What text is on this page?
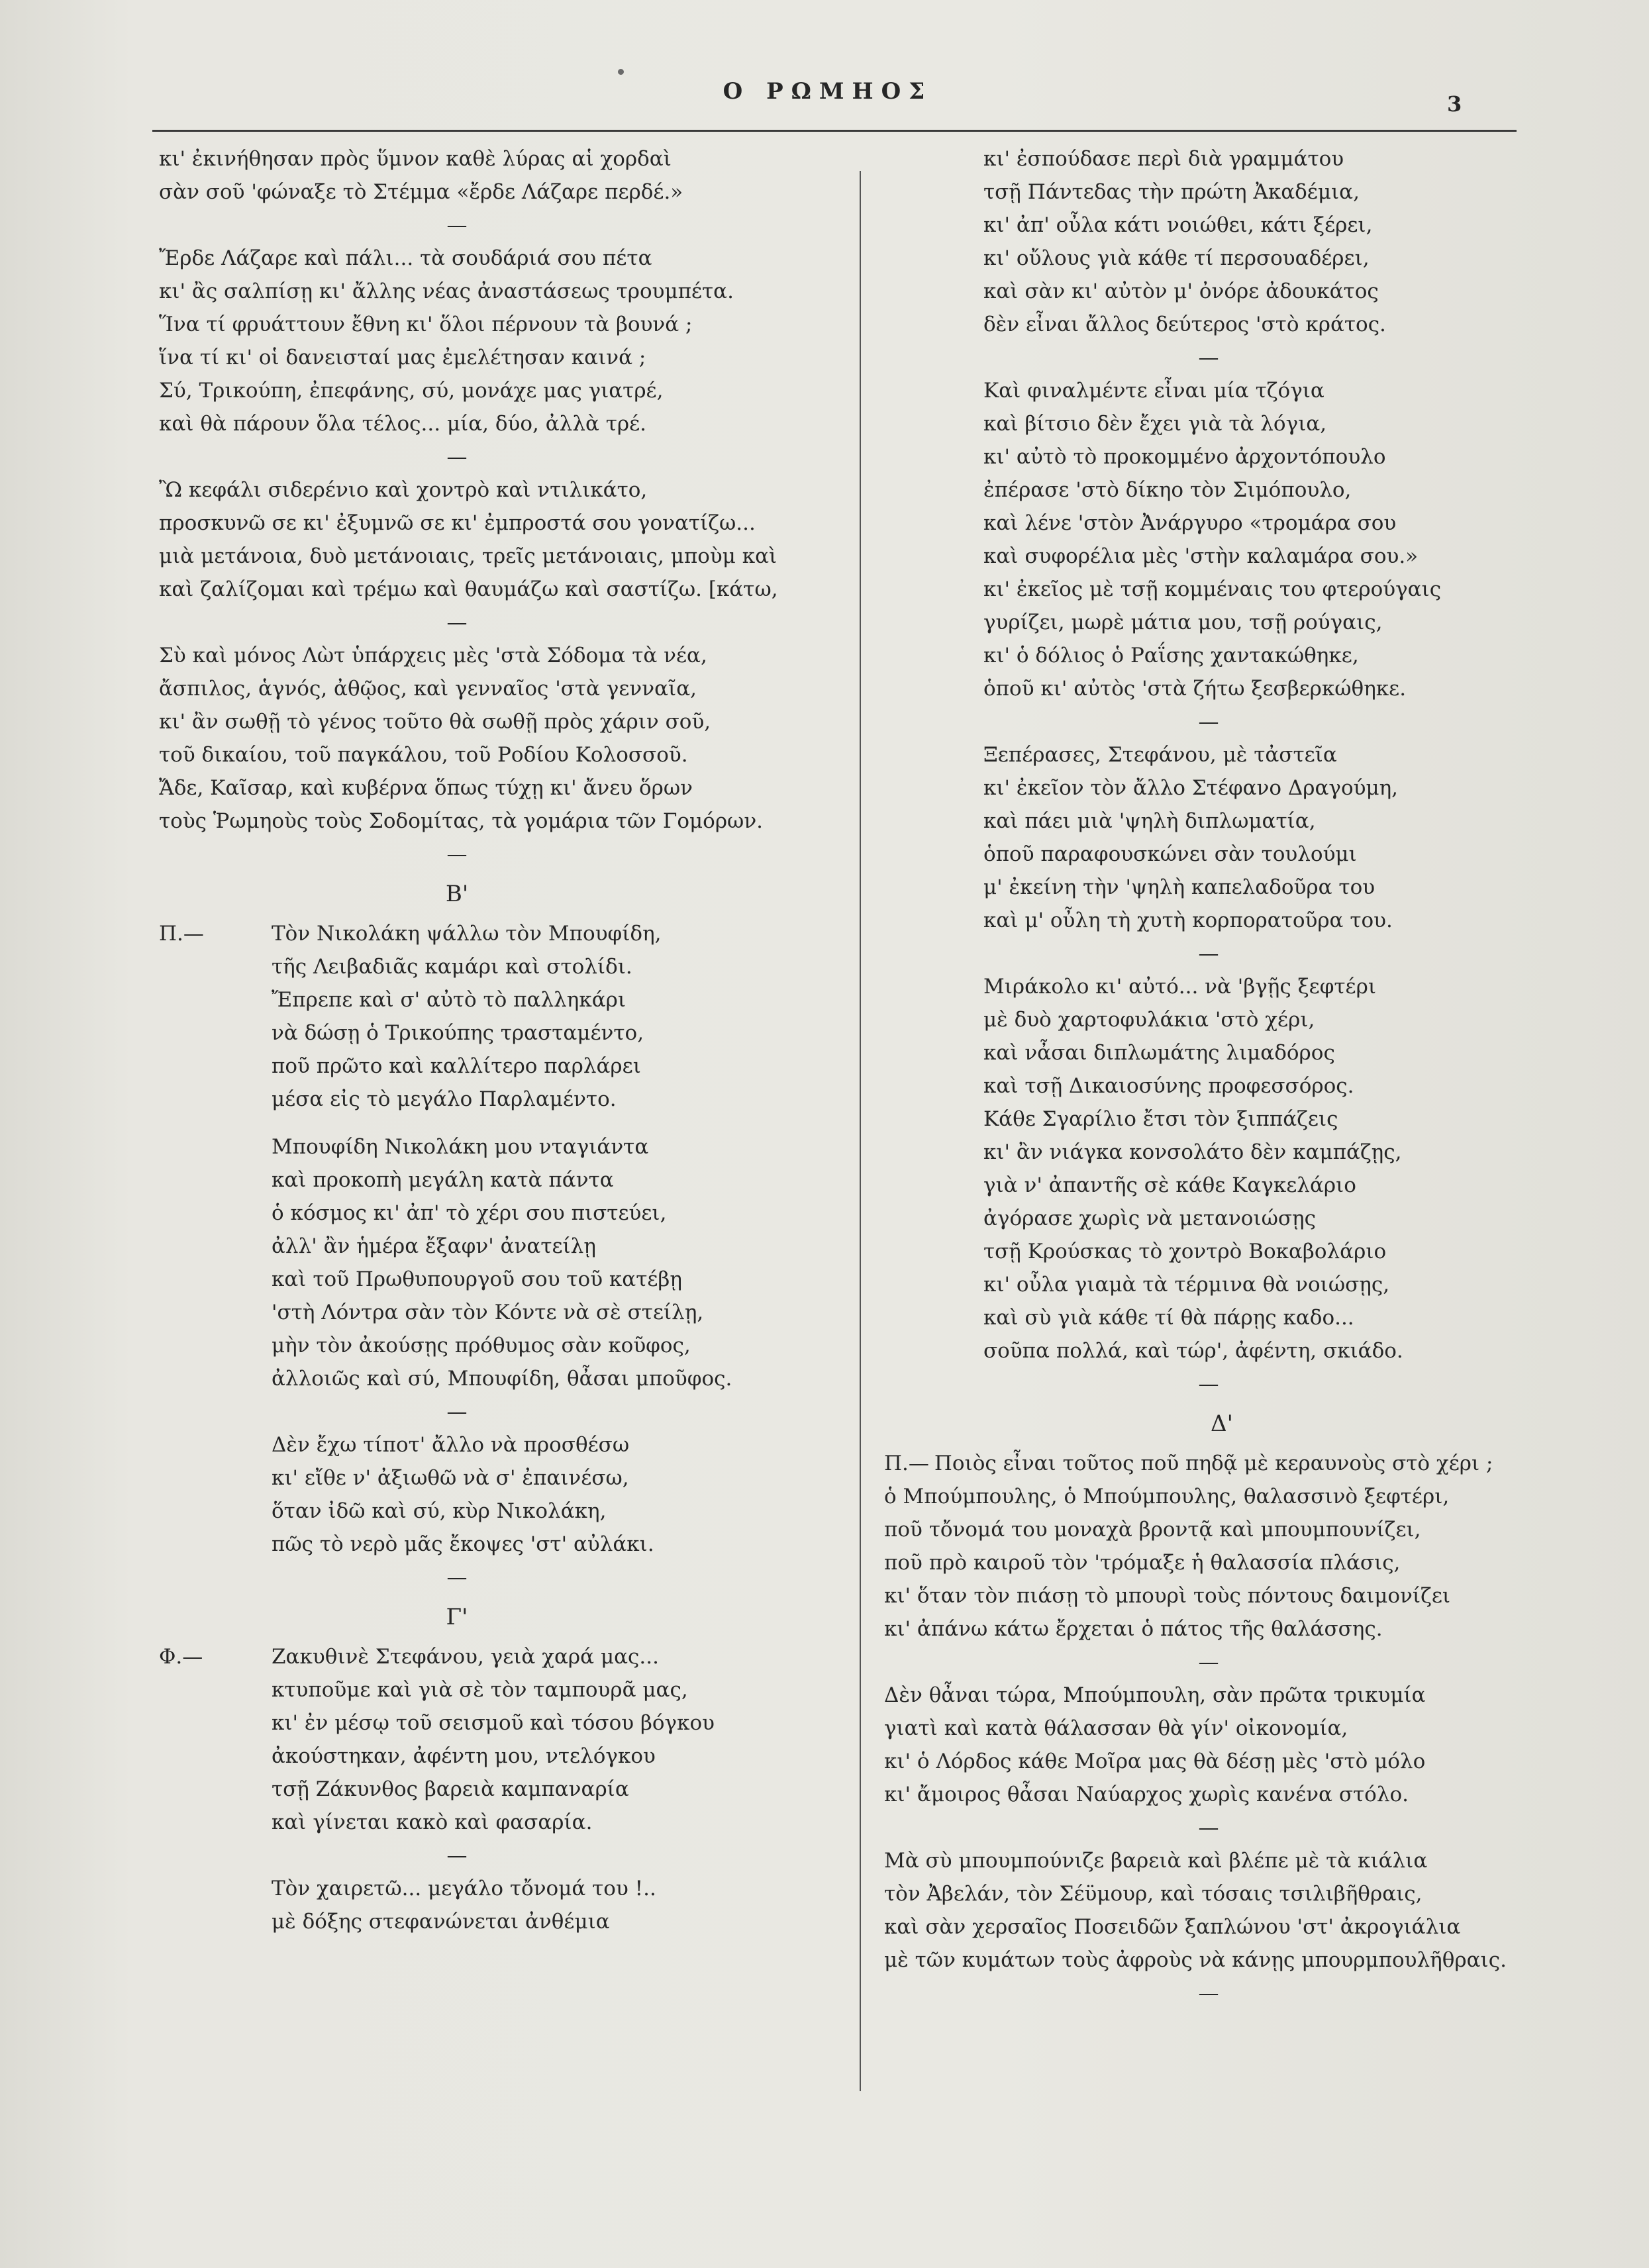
Ο ΡΩΜΗΟΣ	3
κι' ἐκινήθησαν πρὸς ὕμνον καθὲ λύρας αἱ χορδαὶ
σὰν σοῦ 'φώναξε τὸ Στέμμα «ἔρδε Λάζαρε περδέ.»
—
Ἔρδε Λάζαρε καὶ πάλι... τὰ σουδάριά σου πέτα
κι' ἂς σαλπίσῃ κι' ἄλλης νέας ἀναστάσεως τρουμπέτα.
Ἵνα τί φρυάττουν ἔθνη κι' ὅλοι πέρνουν τὰ βουνά ;
ἵνα τί κι' οἱ δανεισταί μας ἐμελέτησαν καινά ;
Σύ, Τρικούπη, ἐπεφάνης, σύ, μονάχε μας γιατρέ,
καὶ θὰ πάρουν ὅλα τέλος... μία, δύο, ἀλλὰ τρέ.
—
Ὢ κεφάλι σιδερένιο καὶ χοντρὸ καὶ ντιλικάτο,
προσκυνῶ σε κι' ἐξυμνῶ σε κι' ἐμπροστά σου γονατίζω...
μιὰ μετάνοια, δυὸ μετάνοιαις, τρεῖς μετάνοιαις, μποὺμ καὶ
καὶ ζαλίζομαι καὶ τρέμω καὶ θαυμάζω καὶ σαστίζω. [κάτω,
—
Σὺ καὶ μόνος Λὼτ ὑπάρχεις μὲς 'στὰ Σόδομα τὰ νέα,
ἄσπιλος, ἁγνός, ἀθῷος, καὶ γενναῖος 'στὰ γενναῖα,
κι' ἂν σωθῇ τὸ γένος τοῦτο θὰ σωθῇ πρὸς χάριν σοῦ,
τοῦ δικαίου, τοῦ παγκάλου, τοῦ Ροδίου Κολοσσοῦ.
Ἄδε, Καῖσαρ, καὶ κυβέρνα ὅπως τύχῃ κι' ἄνευ ὅρων
τοὺς Ῥωμηοὺς τοὺς Σοδομίτας, τὰ γομάρια τῶν Γομόρων.
—
Β'
Π.—	Τὸν Νικολάκη ψάλλω τὸν Μπουφίδη,
τῆς Λειβαδιᾶς καμάρι καὶ στολίδι.
Ἔπρεπε καὶ σ' αὐτὸ τὸ παλληκάρι
νὰ δώσῃ ὁ Τρικούπης τρασταμέντο,
ποῦ πρῶτο καὶ καλλίτερο παρλάρει
μέσα εἰς τὸ μεγάλο Παρλαμέντο.
Μπουφίδη Νικολάκη μου νταγιάντα
καὶ προκοπὴ μεγάλη κατὰ πάντα
ὁ κόσμος κι' ἀπ' τὸ χέρι σου πιστεύει,
ἀλλ' ἂν ἡμέρα ἔξαφν' ἀνατείλῃ
καὶ τοῦ Πρωθυπουργοῦ σου τοῦ κατέβῃ
'στὴ Λόντρα σὰν τὸν Κόντε νὰ σὲ στείλῃ,
μὴν τὸν ἀκούσῃς πρόθυμος σὰν κοῦφος,
ἀλλοιῶς καὶ σύ, Μπουφίδη, θἆσαι μποῦφος.
—
Δὲν ἔχω τίποτ' ἄλλο νὰ προσθέσω
κι' εἴθε ν' ἀξιωθῶ νὰ σ' ἐπαινέσω,
ὅταν ἰδῶ καὶ σύ, κὺρ Νικολάκη,
πῶς τὸ νερὸ μᾶς ἔκοψες 'στ' αὐλάκι.
—
Γ'
Φ.—	Ζακυθινὲ Στεφάνου, γειὰ χαρά μας...
κτυποῦμε καὶ γιὰ σὲ τὸν ταμπουρᾶ μας,
κι' ἐν μέσῳ τοῦ σεισμοῦ καὶ τόσου βόγκου
ἀκούστηκαν, ἀφέντη μου, ντελόγκου
τσῇ Ζάκυνθος βαρειὰ καμπαναρία
καὶ γίνεται κακὸ καὶ φασαρία.
—
Τὸν χαιρετῶ... μεγάλο τὄνομά του !..
μὲ δόξης στεφανώνεται ἀνθέμια
κι' ἐσπούδασε περὶ διὰ γραμμάτου
τσῇ Πάντεδας τὴν πρώτη Ἀκαδέμια,
κι' ἀπ' οὖλα κάτι νοιώθει, κάτι ξέρει,
κι' οὔλους γιὰ κάθε τί περσουαδέρει,
καὶ σὰν κι' αὐτὸν μ' ὀνόρε ἀδουκάτος
δὲν εἶναι ἄλλος δεύτερος 'στὸ κράτος.
—
Καὶ φιναλμέντε εἶναι μία τζόγια
καὶ βίτσιο δὲν ἔχει γιὰ τὰ λόγια,
κι' αὐτὸ τὸ προκομμένο ἀρχοντόπουλο
ἐπέρασε 'στὸ δίκηο τὸν Σιμόπουλο,
καὶ λένε 'στὸν Ἀνάργυρο «τρομάρα σου
καὶ συφορέλια μὲς 'στὴν καλαμάρα σου.»
κι' ἐκεῖος μὲ τσῇ κομμέναις του φτερούγαις
γυρίζει, μωρὲ μάτια μου, τσῇ ρούγαις,
κι' ὁ δόλιος ὁ Ραΐσης χαντακώθηκε,
ὁποῦ κι' αὐτὸς 'στὰ ζήτω ξεσβερκώθηκε.
—
Ξεπέρασες, Στεφάνου, μὲ τἀστεῖα
κι' ἐκεῖον τὸν ἄλλο Στέφανο Δραγούμη,
καὶ πάει μιὰ 'ψηλὴ διπλωματία,
ὁποῦ παραφουσκώνει σὰν τουλούμι
μ' ἐκείνη τὴν 'ψηλὴ καπελαδοῦρα του
καὶ μ' οὖλη τὴ χυτὴ κορπορατοῦρα του.
—
Μιράκολο κι' αὐτό... νὰ 'βγῇς ξεφτέρι
μὲ δυὸ χαρτοφυλάκια 'στὸ χέρι,
καὶ νἆσαι διπλωμάτης λιμαδόρος
καὶ τσῇ Δικαιοσύνης προφεσσόρος.
Κάθε Σγαρίλιο ἔτσι τὸν ξιππάζεις
κι' ἂν νιάγκα κονσολάτο δὲν καμπάζῃς,
γιὰ ν' ἀπαντῆς σὲ κάθε Καγκελάριο
ἀγόρασε χωρὶς νὰ μετανοιώσῃς
τσῇ Κρούσκας τὸ χοντρὸ Βοκαβολάριο
κι' οὖλα γιαμὰ τὰ τέρμινα θὰ νοιώσῃς,
καὶ σὺ γιὰ κάθε τί θὰ πάρῃς καδο...
σοῦπα πολλά, καὶ τώρ', ἀφέντη, σκιάδο.
—
Δ'
Π.— Ποιὸς εἶναι τοῦτος ποῦ πηδᾷ μὲ κεραυνοὺς στὸ χέρι ;
ὁ Μπούμπουλης, ὁ Μπούμπουλης, θαλασσινὸ ξεφτέρι,
ποῦ τὄνομά του μοναχὰ βροντᾷ καὶ μπουμπουνίζει,
ποῦ πρὸ καιροῦ τὸν 'τρόμαξε ἡ θαλασσία πλάσις,
κι' ὅταν τὸν πιάσῃ τὸ μπουρὶ τοὺς πόντους δαιμονίζει
κι' ἀπάνω κάτω ἔρχεται ὁ πάτος τῆς θαλάσσης.
—
Δὲν θἆναι τώρα, Μπούμπουλη, σὰν πρῶτα τρικυμία
γιατὶ καὶ κατὰ θάλασσαν θὰ γίν' οἰκονομία,
κι' ὁ Λόρδος κάθε Μοῖρα μας θὰ δέσῃ μὲς 'στὸ μόλο
κι' ἄμοιρος θἆσαι Ναύαρχος χωρὶς κανένα στόλο.
—
Μὰ σὺ μπουμπούνιζε βαρειὰ καὶ βλέπε μὲ τὰ κιάλια
τὸν Ἀβελάν, τὸν Σέϋμουρ, καὶ τόσαις τσιλιβῆθραις,
καὶ σὰν χερσαῖος Ποσειδῶν ξαπλώνου 'στ' ἀκρογιάλια
μὲ τῶν κυμάτων τοὺς ἀφροὺς νὰ κάνῃς μπουρμπουλῆθραις.
—
